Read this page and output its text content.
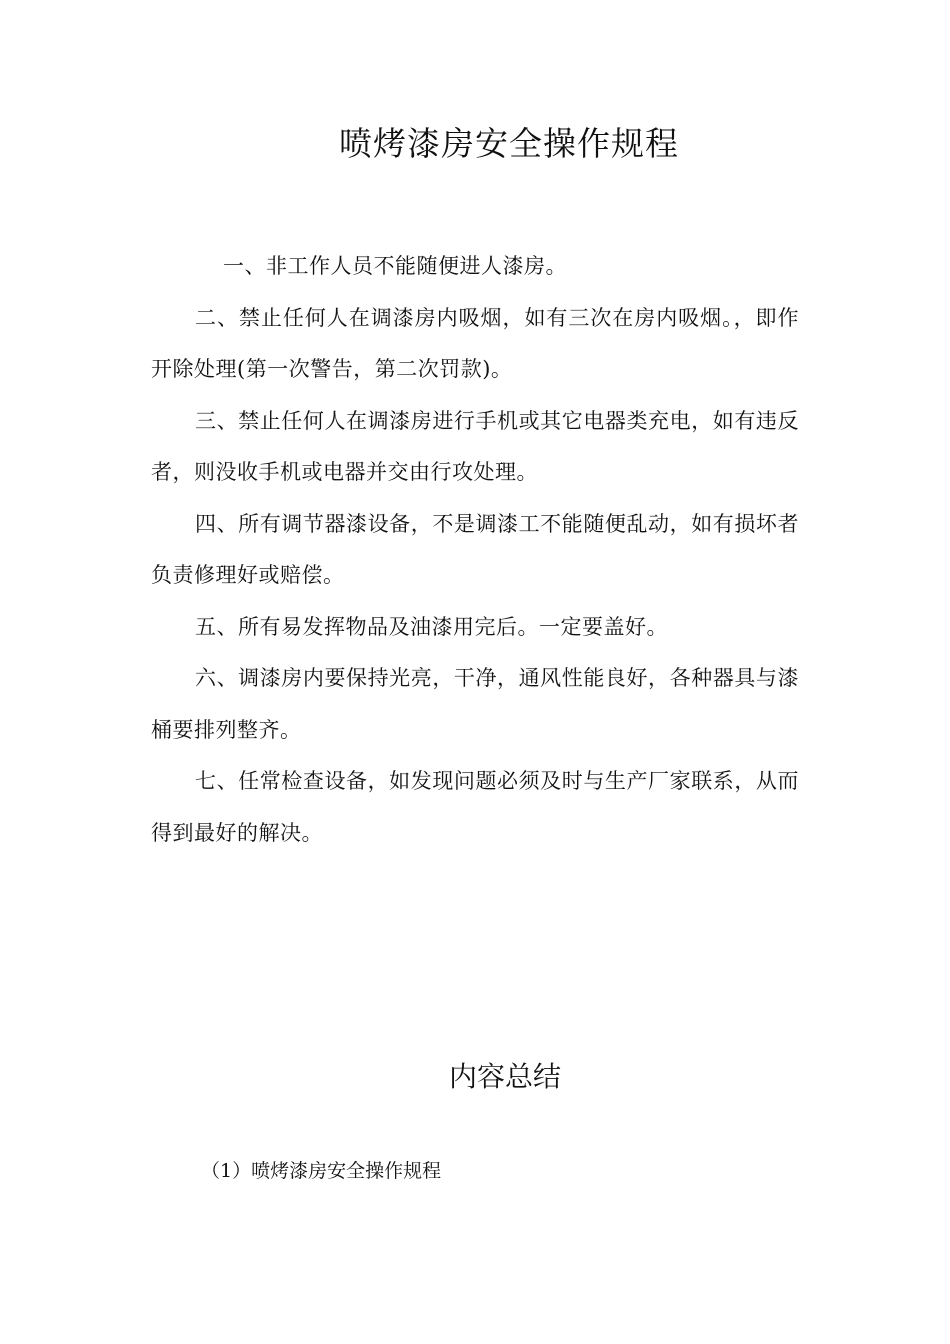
喷烤漆房安全操作规程

一、非工作人员不能随便进人漆房。

二、禁止任何人在调漆房内吸烟，如有三次在房内吸烟。，即作开除处理(第一次警告，第二次罚款)。

三、禁止任何人在调漆房进行手机或其它电器类充电，如有违反者，则没收手机或电器并交由行攻处理。

四、所有调节器漆设备，不是调漆工不能随便乱动，如有损坏者负责修理好或赔偿。

五、所有易发挥物品及油漆用完后。一定要盖好。

六、调漆房内要保持光亮，干净，通风性能良好，各种器具与漆桶要排列整齐。

七、任常检查设备，如发现问题必须及时与生产厂家联系，从而得到最好的解决。

内容总结

（1）喷烤漆房安全操作规程
